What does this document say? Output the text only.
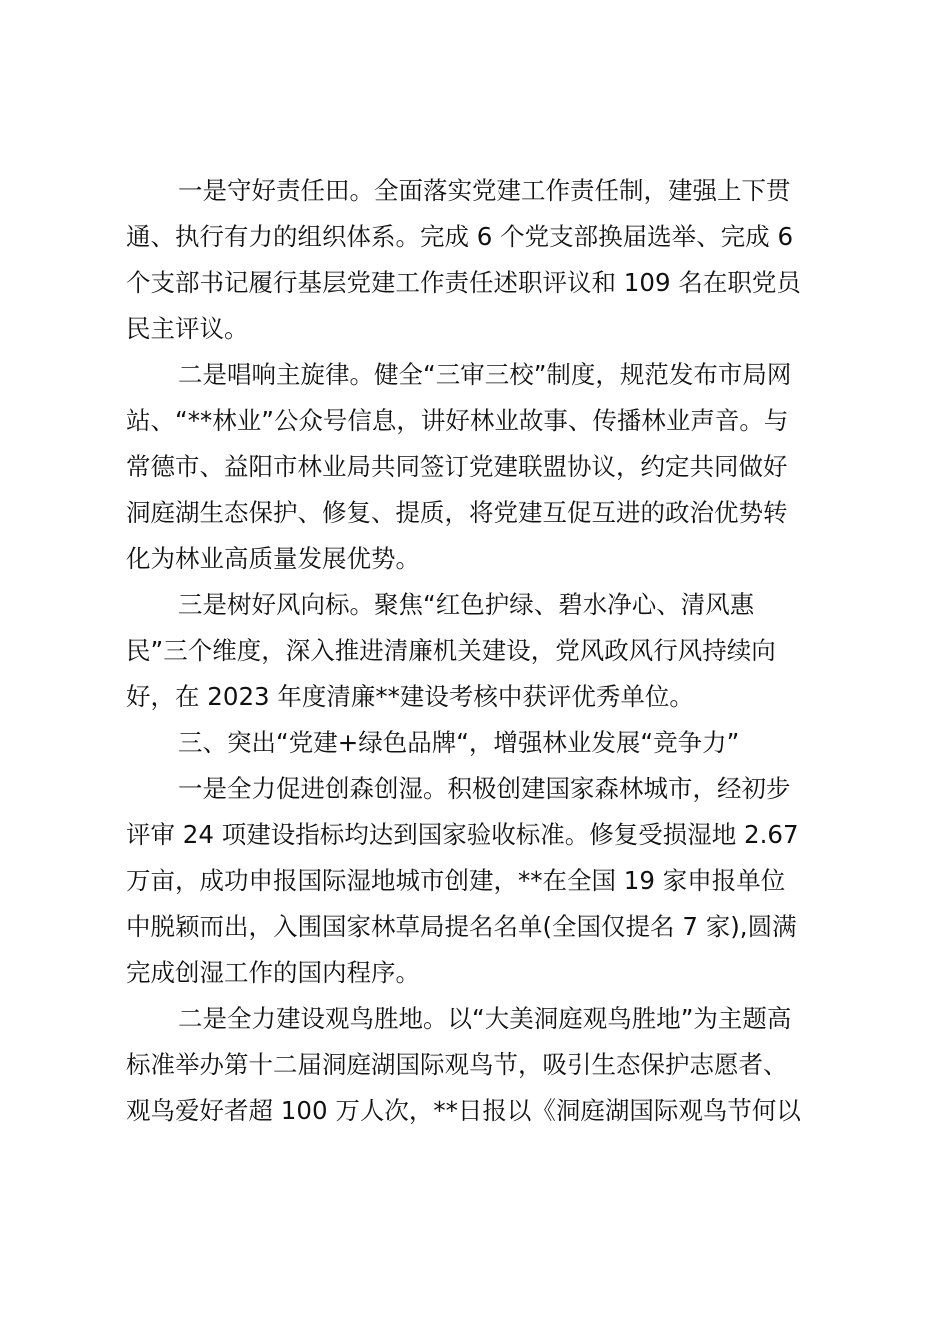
一是守好责任田。全面落实党建工作责任制，建强上下贯
通、执行有力的组织体系。完成 6 个党支部换届选举、完成 6
个支部书记履行基层党建工作责任述职评议和 109 名在职党员
民主评议。
二是唱响主旋律。健全“三审三校”制度，规范发布市局网
站、“**林业”公众号信息，讲好林业故事、传播林业声音。与
常德市、益阳市林业局共同签订党建联盟协议，约定共同做好
洞庭湖生态保护、修复、提质，将党建互促互进的政治优势转
化为林业高质量发展优势。
三是树好风向标。聚焦“红色护绿、碧水净心、清风惠
民”三个维度，深入推进清廉机关建设，党风政风行风持续向
好，在 2023 年度清廉**建设考核中获评优秀单位。
三、突出“党建+绿色品牌“，增强林业发展“竞争力”
一是全力促进创森创湿。积极创建国家森林城市，经初步
评审 24 项建设指标均达到国家验收标准。修复受损湿地 2.67
万亩，成功申报国际湿地城市创建，**在全国 19 家申报单位
中脱颖而出，入围国家林草局提名名单(全国仅提名 7 家),圆满
完成创湿工作的国内程序。
二是全力建设观鸟胜地。以“大美洞庭观鸟胜地”为主题高
标准举办第十二届洞庭湖国际观鸟节，吸引生态保护志愿者、
观鸟爱好者超 100 万人次，**日报以《洞庭湖国际观鸟节何以
